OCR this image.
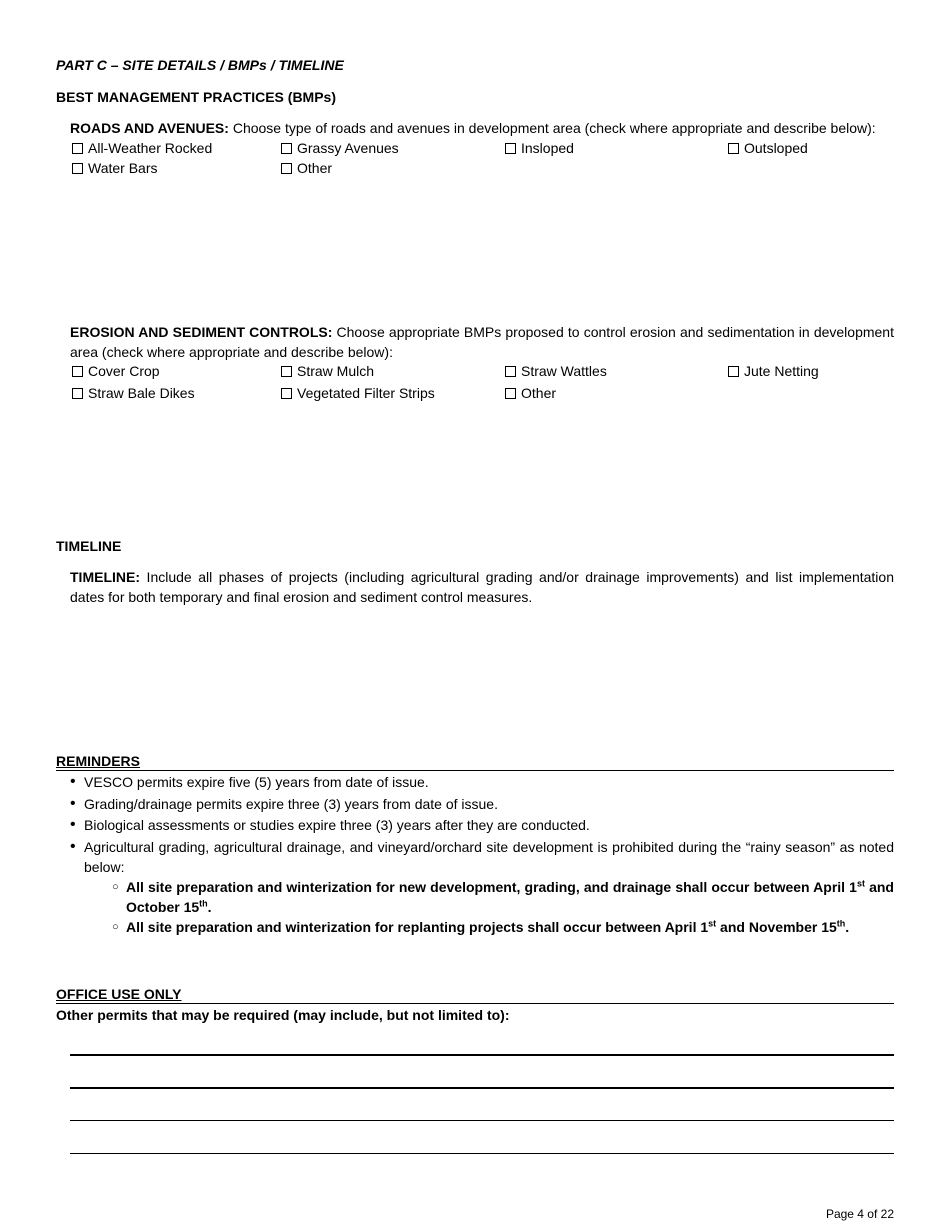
PART C – SITE DETAILS / BMPs / TIMELINE
BEST MANAGEMENT PRACTICES (BMPs)
ROADS AND AVENUES: Choose type of roads and avenues in development area (check where appropriate and describe below):
All-Weather Rocked	Grassy Avenues	Insloped	Outsloped
Water Bars	Other
EROSION AND SEDIMENT CONTROLS: Choose appropriate BMPs proposed to control erosion and sedimentation in development area (check where appropriate and describe below):
Cover Crop	Straw Mulch	Straw Wattles	Jute Netting
Straw Bale Dikes	Vegetated Filter Strips	Other
TIMELINE
TIMELINE: Include all phases of projects (including agricultural grading and/or drainage improvements) and list implementation dates for both temporary and final erosion and sediment control measures.
REMINDERS
• VESCO permits expire five (5) years from date of issue.
• Grading/drainage permits expire three (3) years from date of issue.
• Biological assessments or studies expire three (3) years after they are conducted.
• Agricultural grading, agricultural drainage, and vineyard/orchard site development is prohibited during the “rainy season” as noted below:
○ All site preparation and winterization for new development, grading, and drainage shall occur between April 1st and October 15th.
○ All site preparation and winterization for replanting projects shall occur between April 1st and November 15th.
OFFICE USE ONLY
Other permits that may be required (may include, but not limited to):
Page 4 of 22
